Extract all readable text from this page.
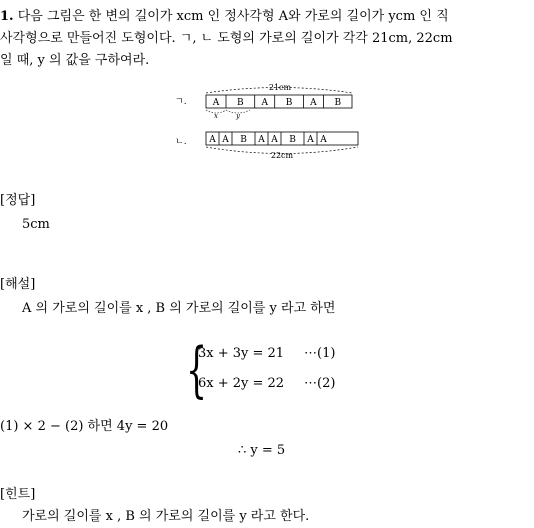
1. 다음 그림은 한 변의 길이가 xcm 인 정사각형 A와 가로의 길이가 ycm 인 직
사각형으로 만들어진 도형이다. ㄱ, ㄴ 도형의 가로의 길이가 각각 21cm, 22cm
일 때, y 의 값을 구하여라.
ㄱ.
21cm
A B A B A B
x	y
ㄴ.	A A B A A B A A
22cm
[정답]
5cm
[해설]
A 의 가로의 길이를 x , B 의 가로의 길이를 y 라고 하면
{
3x + 3y = 21 ⋯(1)
6x + 2y = 22 ⋯(2)
(1) × 2 − (2) 하면 4y = 20
∴ y = 5
[힌트]
가로의 길이를 x , B 의 가로의 길이를 y 라고 한다.
